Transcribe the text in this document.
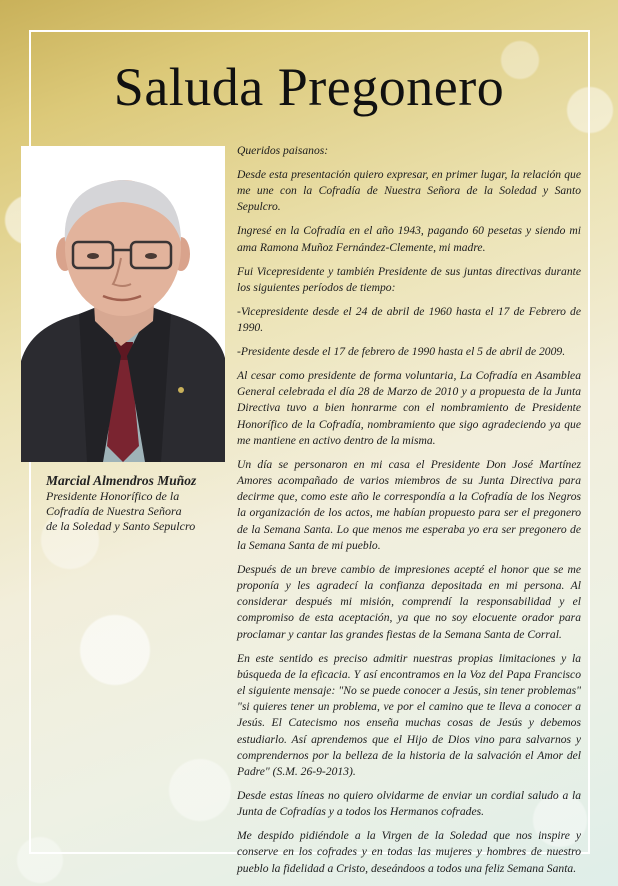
Saluda Pregonero
Marcial Almendros Muñoz
Presidente Honorífico de la
Cofradía de Nuestra Señora
de la Soledad y Santo Sepulcro

Queridos paisanos:

Desde esta presentación quiero expresar, en primer lugar, la relación que me une con la Cofradía de Nuestra Señora de la Soledad y Santo Sepulcro.

Ingresé en la Cofradía en el año 1943, pagando 60 pesetas y siendo mi ama Ramona Muñoz Fernández-Clemente, mi madre.

Fui Vicepresidente y también Presidente de sus juntas directivas durante los siguientes períodos de tiempo:

-Vicepresidente desde el 24 de abril de 1960 hasta el 17 de Febrero de 1990.

-Presidente desde el 17 de febrero de 1990 hasta el 5 de abril de 2009.

Al cesar como presidente de forma voluntaria, La Cofradía en Asamblea General celebrada el día 28 de Marzo de 2010 y a propuesta de la Junta Directiva tuvo a bien honrarme con el nombramiento de Presidente Honorífico de la Cofradía, nombramiento que sigo agradeciendo ya que me mantiene en activo dentro de la misma.

Un día se personaron en mi casa el Presidente Don José Martínez Amores acompañado de varios miembros de su Junta Directiva para decirme que, como este año le correspondía a la Cofradía de los Negros la organización de los actos, me habían propuesto para ser el pregonero de la Semana Santa. Lo que menos me esperaba yo era ser pregonero de la Semana Santa de mi pueblo.

Después de un breve cambio de impresiones acepté el honor que se me proponía y les agradecí la confianza depositada en mi persona. Al considerar después mi misión, comprendí la responsabilidad y el compromiso de esta aceptación, ya que no soy elocuente orador para proclamar y cantar las grandes fiestas de la Semana Santa de Corral.

En este sentido es preciso admitir nuestras propias limitaciones y la búsqueda de la eficacia. Y así encontramos en la Voz del Papa Francisco el siguiente mensaje: "No se puede conocer a Jesús, sin tener problemas" "si quieres tener un problema, ve por el camino que te lleva a conocer a Jesús. El Catecismo nos enseña muchas cosas de Jesús y debemos estudiarlo. Así aprendemos que el Hijo de Dios vino para salvarnos y comprendernos por la belleza de la historia de la salvación el Amor del Padre" (S.M. 26-9-2013).

Desde estas líneas no quiero olvidarme de enviar un cordial saludo a la Junta de Cofradías y a todos los Hermanos cofrades.

Me despido pidiéndole a la Virgen de la Soledad que nos inspire y conserve en los cofrades y en todas las mujeres y hombres de nuestro pueblo la fidelidad a Cristo, deseándoos a todos una feliz Semana Santa.
